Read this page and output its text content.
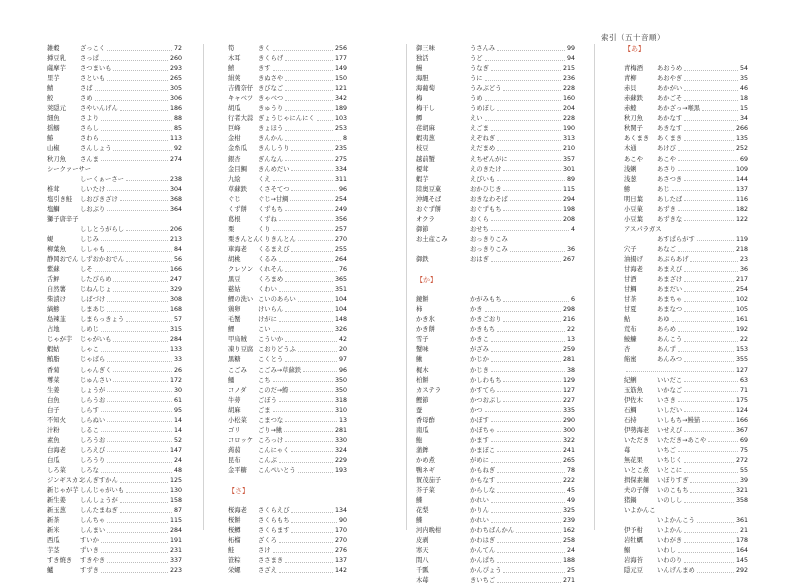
索引（五十音順）
雑穀	ざっこく	72
挿豆乳 さっぱ	260
薩摩芋 さつまいも	293
里芋	さといも	265
鯖	さば	305
鮫	さめ	306
莢隠元 さやいんげん	186
細魚	さより	88
揺鰯	さらし	85
鰆	さわら	113
山椒	さんしょう	92
秋刀魚 さんま	274
シークァーサー
しーくぁーさー	238
椎茸	しいたけ	304
塩引き鮭 しおびきざけ	368
塩鰤	しおぶり	364
獅子唐辛子
ししとうがらし	206
蜆	しじみ	213
柳葉魚 ししゃも	84
静岡おでん しずおかおでん	56
紫蘇	しそ	166
舌鮃	したびらめ	247
自然薯 じねんじょ	329
柴漬け しばづけ	308
縞鯵	しまあじ	168
島辣韮 しまらっきょう	57
占地	しめじ	315
じゃが芋 じゃがいも	284
蝦蛄	しゃこ	133
鮪脂	じゃばら	33
香菊	しゃんぎく	26
蓴菜	じゅんさい	172
生姜	しょうが	30
白魚	しらうお	61
白子	しらす	95
不知火 しらぬい	14
汁粉	しるこ	14
素魚	しろうお	52
白海老 しろえび	147
白瓜	しろうり	24
しろ菜 しろな	48
ジンギスカン
じんぎすかん	125
新じゃが芋 しんじゃがいも	130
新生姜 しんしょうが	158
新玉葱 しんたまねぎ	87
新茶	しんちゃ	115
新米	しんまい	284
西瓜	すいか	191
芋茎	ずいき	231
すき焼き すきやき	337
鱸	すずき	223
筍	きく	256
木耳	きくらげ	177
鱚	きす	149
絹莢	きぬさや	150
吉備奈仔 きびなご	121
キャベツ きゃべつ	342
胡瓜	きゅうり	189
行者大蒜 ぎょうじゃにんにく	103
巨峰	きょほう	253
金柑	きんかん	8
金糸瓜 きんしうり	235
銀杏	ぎんなん	275
金目鯛 きんめだい	334
九絵	くえ	311
草蘇鉄 くさそてつ	96
ぐじ	ぐじ→甘鯛	254
くず餅 くずもち	249
葛根	くずね	356
栗	くり	257
栗きんとん
くりきんとん	270
車海老 くるまえび	255
胡桃	くるみ	264
クレソン くれそん	76
黒豆	くろまめ	365
慈姑	くわい	351
鯉の洗い こいのあらい	104
鶏卵	けいらん	104
毛蟹	けがに	148
鯉	こい	326
甲烏賊 こういか	42
凍り豆腐 こおりどうふ	20
黒糖	こくとう	97
こごみ こごみ→草蘇鉄	96
鯒	こち	350
コノダ このだ→鰶	350
牛蒡	ごぼう	318
胡麻	ごま	310
小松菜 こまつな	13
ゴリ	ごり→鰍	281
コロッケ ころっけ	330
蒟蒻	こんにゃく	324
昆布	こんぶ	229
金平糖 こんぺいとう	193
【さ】
桜海老 さくらえび	134
桜餅	さくらもち	90
桜鱒	さくらます	170
柘榴	ざくろ	270
鮭	さけ	276
笹粽	ささまき	137
栄螺	さざえ	142
御三味	うさんみ	99
独活	うど	94
鰻	うなぎ	215
海胆	うに	236
海葡萄	うみぶどう	228
梅	うめ	160
梅干し	うめぼし	204
鱏	えい	228
荏胡麻	えごま	190
蝦夷葱	えぞねぎ	313
枝豆	えだまめ	210
越前蟹	えちぜんがに	357
榎茸	えのきたけ	301
蝦芋	えびいも	89
陸奥豆菓	おかひじき	115
沖縄そば	おきなわそば	294
おぐず餅	おぐずもち	198
オクラ	おくら	208
御節	おせち	4
お土産こみ	おっきりこみ
おっきりこみ	36
御鉄	おはぎ	267
【か】
鏡餅	かがみもち	6
柿	かき	298
かき氷	かきごおり	216
かき餅	かきもち	22
雪子	かきこ	13
蟹味	がざみ	259
鰍	かじか	281
梶木	かじき	38
柏餅	かしわもち	129
カステラ	かすてら	127
鰹節	かつおぶし	227
蚕	かつ	335
香母酢	かぼす	290
南瓜	かぼちゃ	300
鮑	かます	322
蒲鉾	かまぼこ	241
かめ煮	がめに	265
鴨ネギ	かもねぎ	78
賀茂茄子	かもなす	222
芥子菜	からしな	45
鰈	かれい	49
花梨	かりん	325
鰈	かれい	239
河内晩柑	かわちばんかん	162
皮剥	かわはぎ	258
寒天	かんてん	24
間八	かんぱち	188
千瓢	かんぴょう	25
木苺	きいちご	271
【あ】
青梅酒 あおうめ	54
青柳	あおやぎ	35
赤貝	あかがい	46
赤蘇鉄 あかごそ	18
赤鯥	あかざっ→喉黒	15
秋刀魚 あかなす	34
秋関子 あきなす	266
あくまき あくまき	135
木通	あけび	252
あこや あこや	69
浅蜊	あさり	109
浅葱	あさつき	144
鯵	あじ	137
明日葉 あしたば	116
小豆菓 あずき	182
小豆葉 あずきな	122
アスパラガス
あすぱらがす	119
穴子	あなご	218
油揚げ あぶらあげ	23
甘海老 あまえび	36
甘酒	あまざけ	217
甘鯛	あまだい	254
甘茶	あまちゃ	102
甘夏	あまなつ	105
鮎	あゆ	161
荒布	あらめ	192
鮟鱇	あんこう	22
杏	あんず	153
餡蜜	あんみつ	355
127
紀鯏	いいだこ	63
玉筋魚 いかなご	71
伊佐木 いさき	175
石鯛	いしだい	124
石持	いしもち→鰻猫	166
伊勢海老 いせえび	367
いただき いただき→あこや	69
苺	いちご	75
無花果 いちじく	272
いとこ煮 いとこに	55
揖保素麺 いぼりすぎ	39
夫の子餅 いのこもち	321
猪鍋	いのしし	358
いよかんこ
いよかんこう	361
伊予柑 いよかん	21
岩牡蠣 いわがき	178
鰯	いわし	164
岩海苔 いわのり	145
隠元豆 いんげんまめ	292
